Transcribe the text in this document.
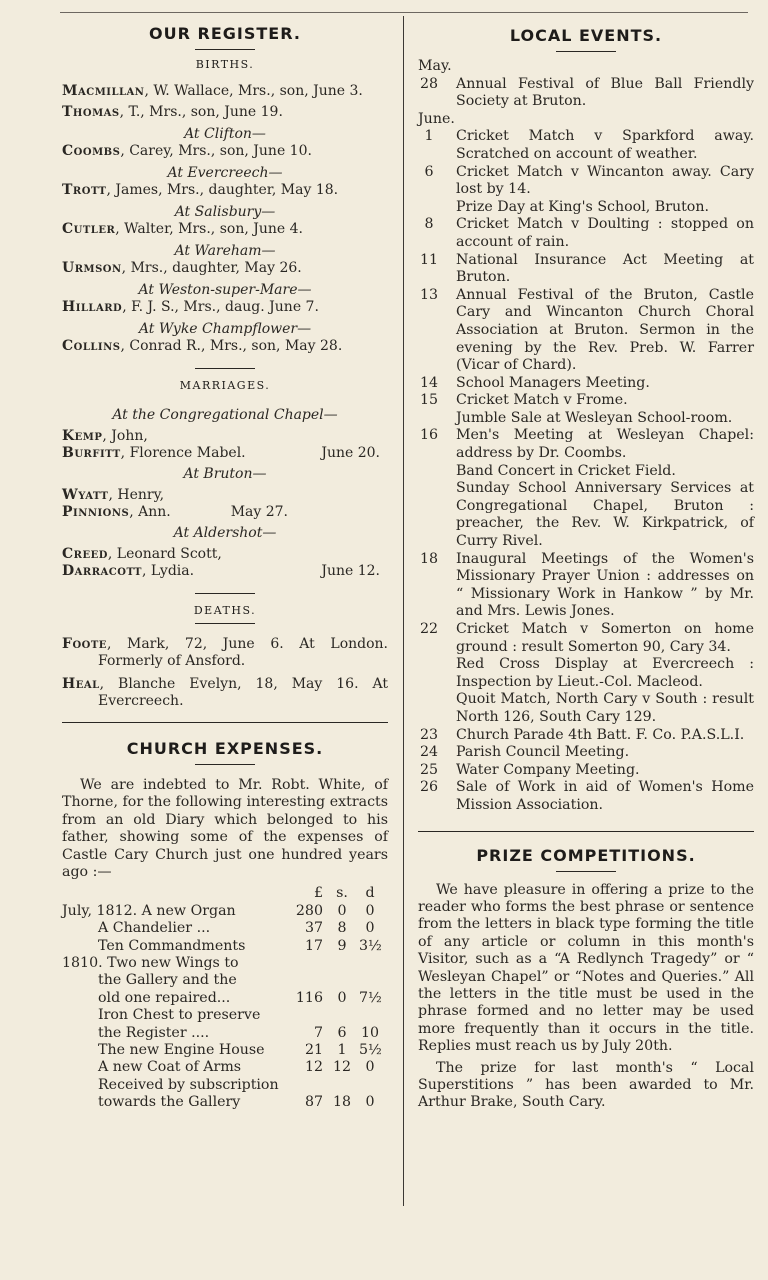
OUR REGISTER.
BIRTHS.
Macmillan, W. Wallace, Mrs., son, June 3.
Thomas, T., Mrs., son, June 19.
At Clifton—
Coombs, Carey, Mrs., son, June 10.
At Evercreech—
Trott, James, Mrs., daughter, May 18.
At Salisbury—
Cutler, Walter, Mrs., son, June 4.
At Wareham—
Urmson, Mrs., daughter, May 26.
At Weston-super-Mare—
Hillard, F. J. S., Mrs., daug. June 7.
At Wyke Champflower—
Collins, Conrad R., Mrs., son, May 28.
MARRIAGES.
At the Congregational Chapel—
Kemp, John,
Burfitt, Florence Mabel.	June 20.
At Bruton—
Wyatt, Henry,
Pinnions, Ann.	May 27.
At Aldershot—
Creed, Leonard Scott,
Darracott, Lydia.	June 12.
DEATHS.
Foote, Mark, 72, June 6. At London. Formerly of Ansford.
Heal, Blanche Evelyn, 18, May 16. At Evercreech.
CHURCH EXPENSES.
We are indebted to Mr. Robt. White, of Thorne, for the following interesting extracts from an old Diary which belonged to his father, showing some of the expenses of Castle Cary Church just one hundred years ago :—
£ s.	d
July, 1812. A new Organ	280	0	0
A Chandelier ...	37	8	0
Ten Commandments	17	9 3½
1810. Two new Wings to
the Gallery and the
old one repaired...	116	0 7½
Iron Chest to preserve
the Register ....	7	6	10
The new Engine House	21	1 5½
A new Coat of Arms	12 12	0
Received by subscription
towards the Gallery	87 18	0
LOCAL EVENTS.
May.
28 Annual Festival of Blue Ball Friendly Society at Bruton.
June.
1	Cricket Match v Sparkford away. Scratched on account of weather.
6	Cricket Match v Wincanton away. Cary lost by 14.
Prize Day at King's School, Bruton.
8	Cricket Match v Doulting : stopped on account of rain.
11 National Insurance Act Meeting at Bruton.
13 Annual Festival of the Bruton, Castle Cary and Wincanton Church Choral Association at Bruton. Sermon in the evening by the Rev. Preb. W. Farrer (Vicar of Chard).
14 School Managers Meeting.
15 Cricket Match v Frome.
Jumble Sale at Wesleyan School-room.
16 Men's Meeting at Wesleyan Chapel: address by Dr. Coombs.
Band Concert in Cricket Field.
Sunday School Anniversary Services at Congregational Chapel, Bruton : preacher, the Rev. W. Kirkpatrick, of Curry Rivel.
18 Inaugural Meetings of the Women's Missionary Prayer Union : addresses on “ Missionary Work in Hankow ” by Mr. and Mrs. Lewis Jones.
22 Cricket Match v Somerton on home ground : result Somerton 90, Cary 34.
Red Cross Display at Evercreech : Inspection by Lieut.-Col. Macleod.
Quoit Match, North Cary v South : result North 126, South Cary 129.
23 Church Parade 4th Batt. F. Co. P.A.S.L.I.
24 Parish Council Meeting.
25 Water Company Meeting.
26 Sale of Work in aid of Women's Home Mission Association.
PRIZE COMPETITIONS.
We have pleasure in offering a prize to the reader who forms the best phrase or sentence from the letters in black type forming the title of any article or column in this month's Visitor, such as a “A Redlynch Tragedy” or “ Wesleyan Chapel” or “Notes and Queries.” All the letters in the title must be used in the phrase formed and no letter may be used more frequently than it occurs in the title. Replies must reach us by July 20th.
The prize for last month's “ Local Superstitions ” has been awarded to Mr. Arthur Brake, South Cary.
